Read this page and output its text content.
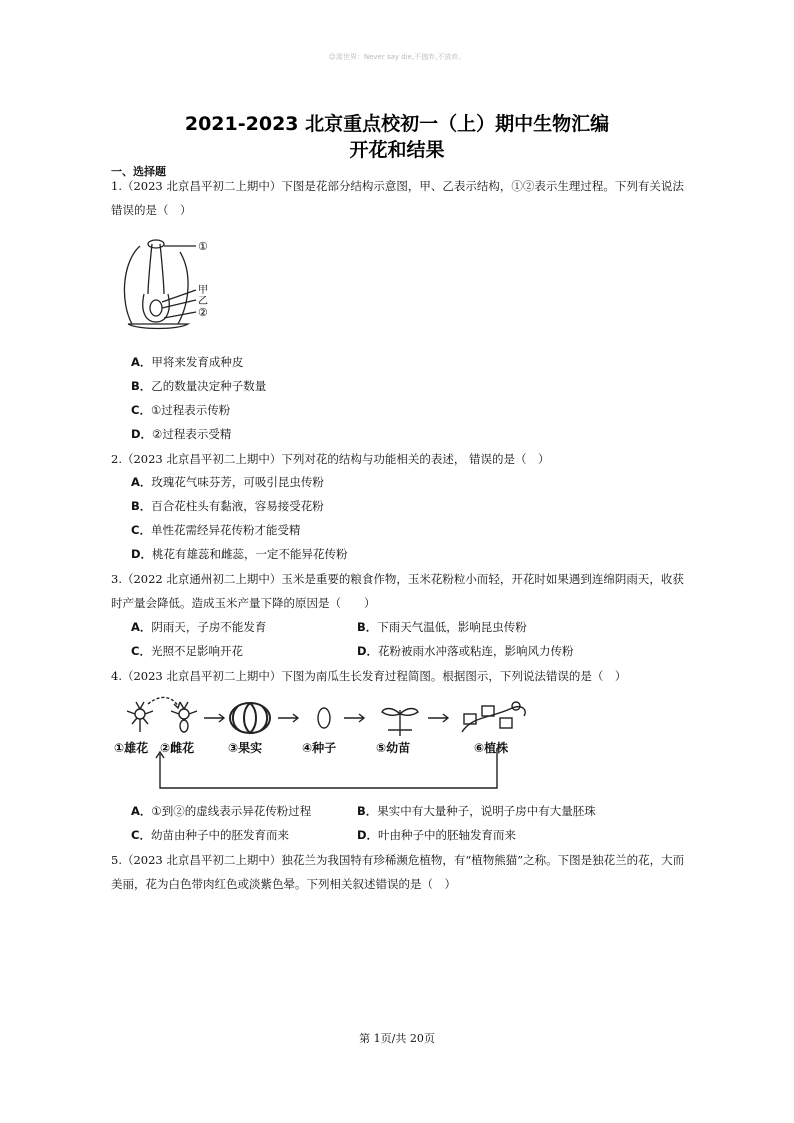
☺源世界：Never say die,不抛弃,不放弃。
2021-2023 北京重点校初一（上）期中生物汇编
开花和结果
一、选择题
1.（2023 北京昌平初二上期中）下图是花部分结构示意图，甲、乙表示结构，①②表示生理过程。下列有关说法错误的是（　）
①
甲
乙
②
A．甲将来发育成种皮
B．乙的数量决定种子数量
C．①过程表示传粉
D．②过程表示受精
2.（2023 北京昌平初二上期中）下列对花的结构与功能相关的表述， 错误的是（　）
A．玫瑰花气味芬芳，可吸引昆虫传粉
B．百合花柱头有黏液，容易接受花粉
C．单性花需经异花传粉才能受精
D．桃花有雄蕊和雌蕊，一定不能异花传粉
3.（2022 北京通州初二上期中）玉米是重要的粮食作物，玉米花粉粒小而轻，开花时如果遇到连绵阴雨天，收获时产量会降低。造成玉米产量下降的原因是（　　）
A．阴雨天，子房不能发育	B．下雨天气温低，影响昆虫传粉
C．光照不足影响开花	D．花粉被雨水冲落或粘连，影响风力传粉
4.（2023 北京昌平初二上期中）下图为南瓜生长发育过程简图。根据图示，下列说法错误的是（　）
①雄花 ②雌花	③果实	④种子	⑤幼苗	⑥植株
A．①到②的虚线表示异花传粉过程	B．果实中有大量种子，说明子房中有大量胚珠
C．幼苗由种子中的胚发育而来	D．叶由种子中的胚轴发育而来
5.（2023 北京昌平初二上期中）独花兰为我国特有珍稀濒危植物，有“植物熊猫”之称。下图是独花兰的花，大而美丽，花为白色带肉红色或淡紫色晕。下列相关叙述错误的是（　）
第 1页/共 20页
